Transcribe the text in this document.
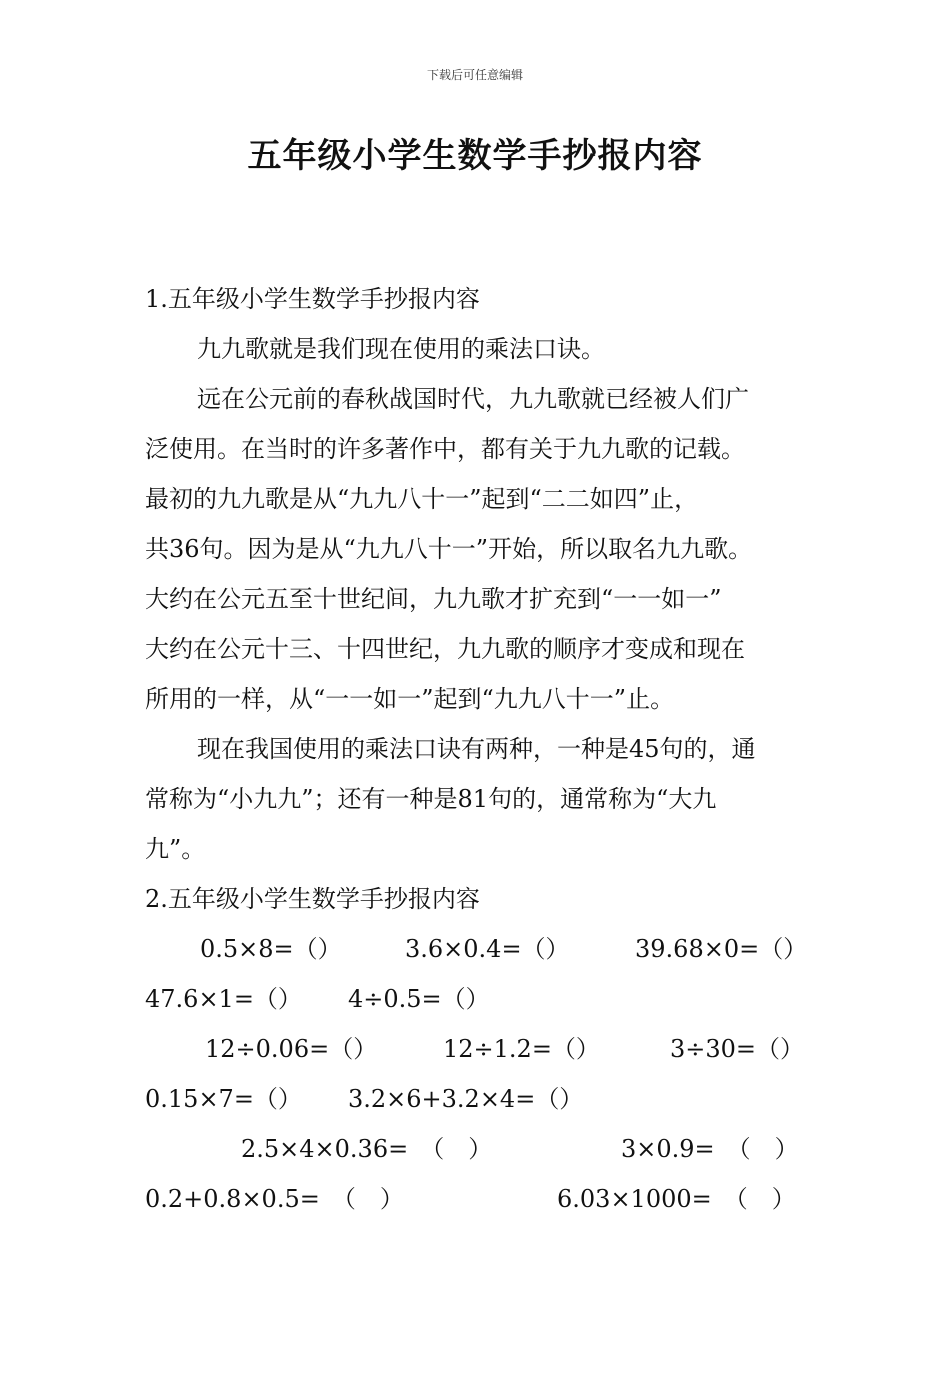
下载后可任意编辑
五年级小学生数学手抄报内容
1.五年级小学生数学手抄报内容
九九歌就是我们现在使用的乘法口诀。
远在公元前的春秋战国时代，九九歌就已经被人们广
泛使用。在当时的许多著作中，都有关于九九歌的记载。
最初的九九歌是从“九九八十一”起到“二二如四”止，
共36句。因为是从“九九八十一”开始，所以取名九九歌。
大约在公元五至十世纪间，九九歌才扩充到“一一如一”
大约在公元十三、十四世纪，九九歌的顺序才变成和现在
所用的一样，从“一一如一”起到“九九八十一”止。
现在我国使用的乘法口诀有两种，一种是45句的，通
常称为“小九九”；还有一种是81句的，通常称为“大九
九”。
2.五年级小学生数学手抄报内容

0.5×8=（）

	3.6×0.4=（）

	39.68×0=（）

47.6×1=（）

4÷0.5=（）

12÷0.06=（）

	12÷1.2=（）

	3÷30=（）

0.15×7=（）

3.2×6+3.2×4=（）

2.5×4×0.36=　（　）

	3×0.9=　（　）

0.2+0.8×0.5=　（　）

	6.03×1000=　（　）
